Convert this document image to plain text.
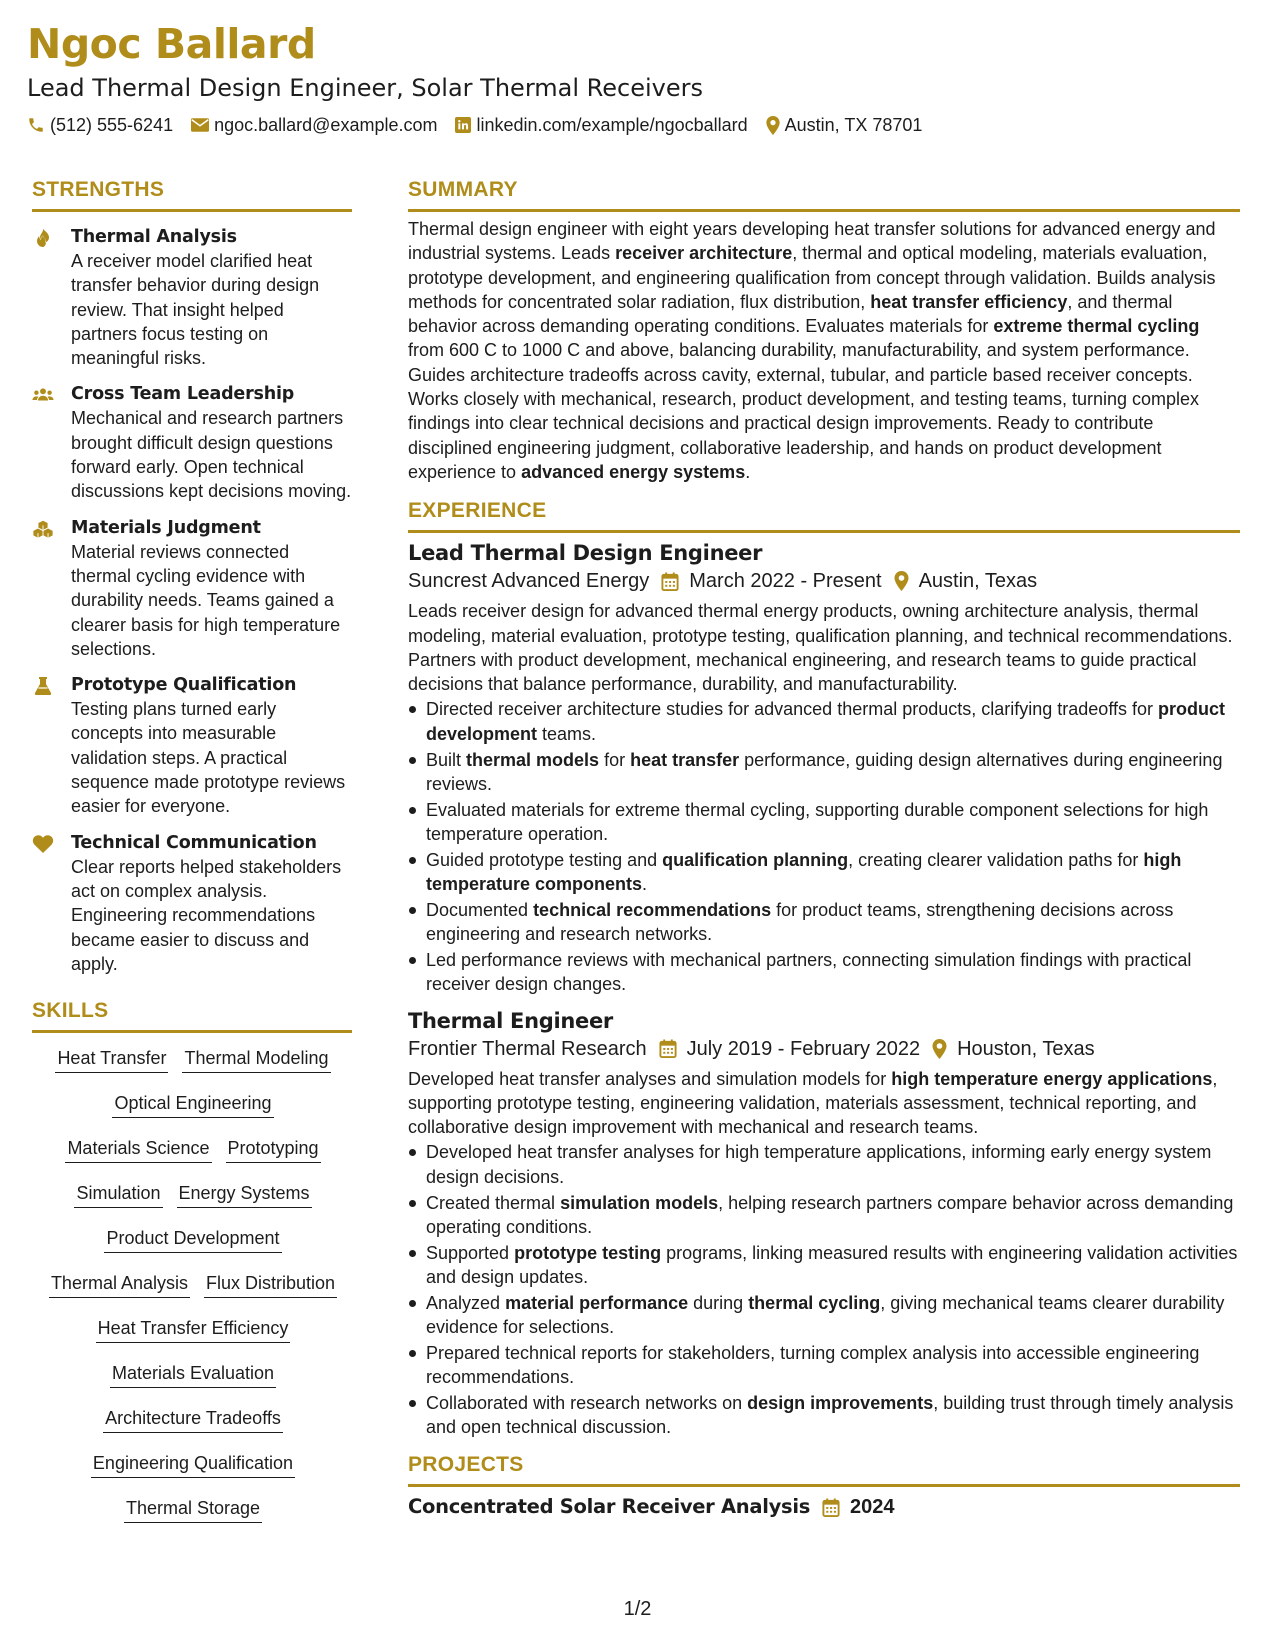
Ngoc Ballard
Lead Thermal Design Engineer, Solar Thermal Receivers
(512) 555-6241 ngoc.ballard@example.com linkedin.com/example/ngocballard Austin, TX 78701
STRENGTHS
Thermal Analysis

A receiver model clarified heat transfer behavior during design review. That insight helped partners focus testing on meaningful risks.

Cross Team Leadership

Mechanical and research partners brought difficult design questions forward early. Open technical discussions kept decisions moving.

Materials Judgment

Material reviews connected thermal cycling evidence with durability needs. Teams gained a clearer basis for high temperature selections.

Prototype Qualification

Testing plans turned early concepts into measurable validation steps. A practical sequence made prototype reviews easier for everyone.

Technical Communication

Clear reports helped stakeholders act on complex analysis. Engineering recommendations became easier to discuss and apply.

SKILLS
Heat Transfer Thermal Modeling
Optical Engineering
Materials Science Prototyping
Simulation Energy Systems
Product Development
Thermal Analysis Flux Distribution
Heat Transfer Efficiency
Materials Evaluation
Architecture Tradeoffs
Engineering Qualification
Thermal Storage
SUMMARY

Thermal design engineer with eight years developing heat transfer solutions for advanced energy and industrial systems. Leads receiver architecture, thermal and optical modeling, materials evaluation, prototype development, and engineering qualification from concept through validation. Builds analysis methods for concentrated solar radiation, flux distribution, heat transfer efficiency, and thermal behavior across demanding operating conditions. Evaluates materials for extreme thermal cycling from 600 C to 1000 C and above, balancing durability, manufacturability, and system performance. Guides architecture tradeoffs across cavity, external, tubular, and particle based receiver concepts. Works closely with mechanical, research, product development, and testing teams, turning complex findings into clear technical decisions and practical design improvements. Ready to contribute disciplined engineering judgment, collaborative leadership, and hands on product development experience to advanced energy systems.

EXPERIENCE
Lead Thermal Design Engineer
Suncrest Advanced Energy March 2022 - Present Austin, Texas

Leads receiver design for advanced thermal energy products, owning architecture analysis, thermal modeling, material evaluation, prototype testing, qualification planning, and technical recommendations. Partners with product development, mechanical engineering, and research teams to guide practical decisions that balance performance, durability, and manufacturability.

Directed receiver architecture studies for advanced thermal products, clarifying tradeoffs for product development teams.
Built thermal models for heat transfer performance, guiding design alternatives during engineering reviews.
Evaluated materials for extreme thermal cycling, supporting durable component selections for high temperature operation.
Guided prototype testing and qualification planning, creating clearer validation paths for high temperature components.
Documented technical recommendations for product teams, strengthening decisions across engineering and research networks.
Led performance reviews with mechanical partners, connecting simulation findings with practical receiver design changes.
Thermal Engineer
Frontier Thermal Research July 2019 - February 2022 Houston, Texas

Developed heat transfer analyses and simulation models for high temperature energy applications, supporting prototype testing, engineering validation, materials assessment, technical reporting, and collaborative design improvement with mechanical and research teams.

Developed heat transfer analyses for high temperature applications, informing early energy system design decisions.
Created thermal simulation models, helping research partners compare behavior across demanding operating conditions.
Supported prototype testing programs, linking measured results with engineering validation activities and design updates.
Analyzed material performance during thermal cycling, giving mechanical teams clearer durability evidence for selections.
Prepared technical reports for stakeholders, turning complex analysis into accessible engineering recommendations.
Collaborated with research networks on design improvements, building trust through timely analysis and open technical discussion.
PROJECTS
Concentrated Solar Receiver Analysis 2024
1/2
